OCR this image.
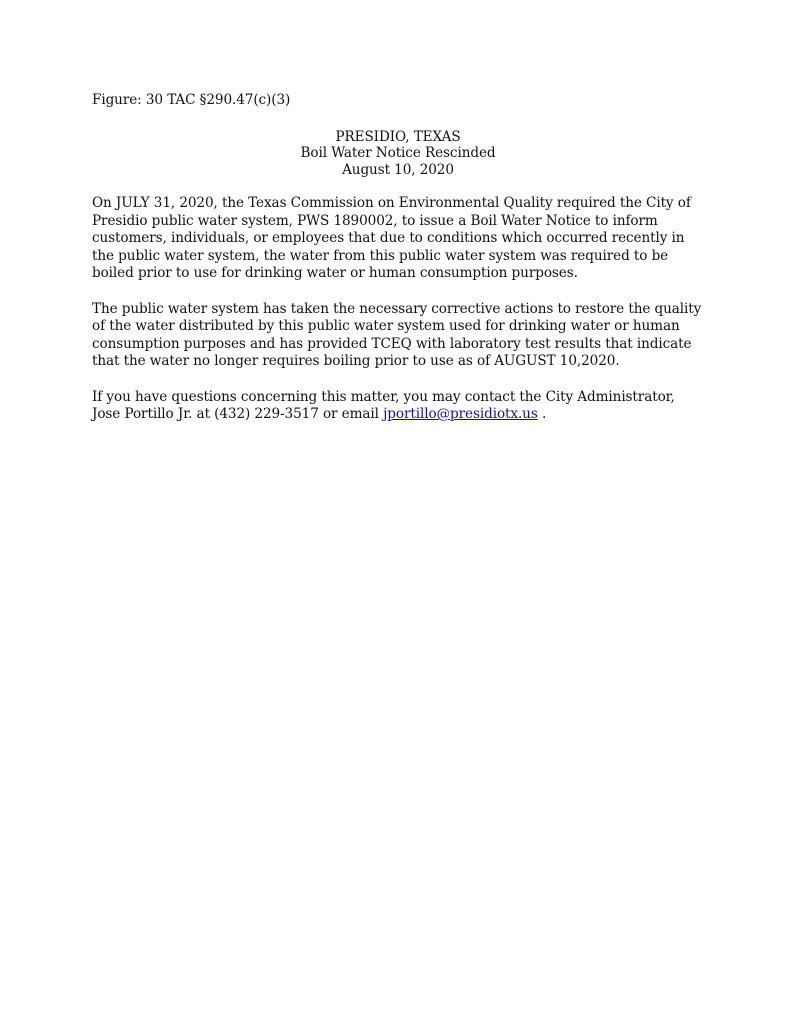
Figure: 30 TAC §290.47(c)(3)

PRESIDIO, TEXAS
Boil Water Notice Rescinded
August 10, 2020

On JULY 31, 2020, the Texas Commission on Environmental Quality required the City of Presidio public water system, PWS 1890002, to issue a Boil Water Notice to inform customers, individuals, or employees that due to conditions which occurred recently in the public water system, the water from this public water system was required to be boiled prior to use for drinking water or human consumption purposes.

The public water system has taken the necessary corrective actions to restore the quality of the water distributed by this public water system used for drinking water or human consumption purposes and has provided TCEQ with laboratory test results that indicate that the water no longer requires boiling prior to use as of AUGUST 10,2020.

If you have questions concerning this matter, you may contact the City Administrator, Jose Portillo Jr. at (432) 229-3517 or email jportillo@presidiotx.us .
